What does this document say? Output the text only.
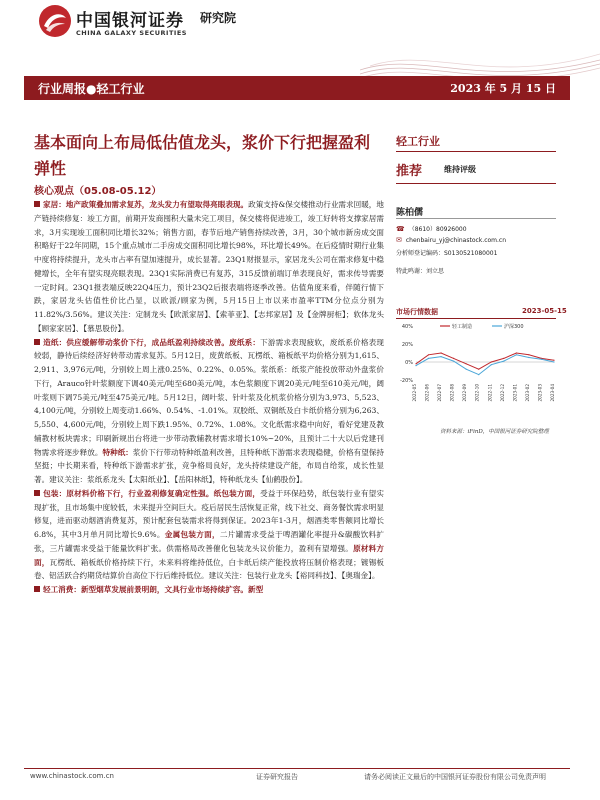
中国银河证券
CHINA GALAXY SECURITIES
研究院
行业周报●轻工行业	2023 年 5 月 15 日
基本面向上布局低估值龙头，浆价下行把握盈利弹性
核心观点（05.08-05.12）

家居：地产政策叠加需求复苏，龙头发力有望取得亮眼表现。政策支持&保交楼推动行业需求回暖，地产链持续修复：竣工方面，前期开发商囤积大量未完工项目，保交楼将促进竣工，竣工好转将支撑家居需求，3月实现竣工面积同比增长32%；销售方面，春节后地产销售持续改善，3月，30个城市新房成交面积略好于22年同期，15个重点城市二手房成交面积同比增长98%，环比增长49%。在后疫情时期行业集中度将持续提升，龙头市占率有望加速提升，成长显著。23Q1财报显示，家居龙头公司在需求修复中稳健增长，全年有望实现亮眼表现。23Q1实际消费已有复苏，315反馈前端订单表现良好，需求传导需要一定时间。23Q1报表端反映22Q4压力，预计23Q2后报表端将逐季改善。估值角度来看，伴随行情下跌，家居龙头估值性价比凸显，以欧派/顾家为例，5月15日上市以来市盈率TTM分位点分别为11.82%/3.56%。建议关注：定制龙头【欧派家居】、【索菲亚】、【志邦家居】及【金牌厨柜】；软体龙头【顾家家居】、【慕思股份】。

造纸：供应缓解带动浆价下行，成品纸盈利持续改善。废纸系：下游需求表现疲软，废纸系价格表现较弱，静待后续经济好转带动需求复苏。5月12日，废黄纸板、瓦楞纸、箱板纸平均价格分别为1,615、2,911、3,976元/吨，分别较上周上涨0.25%、0.22%、0.05%。浆纸系：纸浆产能投放带动外盘浆价下行，Arauco针叶浆额度下调40美元/吨至680美元/吨，本色浆额度下调20美元/吨至610美元/吨，阔叶浆则下调75美元/吨至475美元/吨。5月12日，阔叶浆、针叶浆及化机浆价格分别为3,973、5,523、4,100元/吨，分别较上周变动1.66%、0.54%、-1.01%。双胶纸、双铜纸及白卡纸价格分别为6,263、5,550、4,600元/吨，分别较上周下跌1.95%、0.72%、1.08%。文化纸需求稳中向好，看好党建及教辅教材板块需求；印刷新规出台将进一步带动教辅教材需求增长10%~20%，且预计二十大以后党建刊物需求将逐步释放。特种纸：浆价下行带动特种纸盈利改善，且特种纸下游需求表现稳健，价格有望保持坚挺；中长期来看，特种纸下游需求扩张，竞争格局良好，龙头持续建设产能，布局自给浆，成长性显著。建议关注：浆纸系龙头【太阳纸业】、【岳阳林纸】，特种纸龙头【仙鹤股份】。

包装：原材料价格下行，行业盈利修复确定性强。纸包装方面，受益于环保趋势，纸包装行业有望实现扩张，且市场集中度较低，未来提升空间巨大。疫后居民生活恢复正常，线下社交、商务餐饮需求明显修复，进而驱动烟酒消费复苏，预计配套包装需求将得到保证。2023年1-3月，烟酒类零售额同比增长6.8%，其中3月单月同比增长9.6%。金属包装方面，二片罐需求受益于啤酒罐化率提升&碳酸饮料扩张，三片罐需求受益于能量饮料扩张。供需格局改善催化包装龙头议价能力，盈利有望增强。原材料方面，瓦楞纸、箱板纸价格持续下行，未来料将维持低位，白卡纸后续产能投放将压制价格表现；镀锡板卷、铝活跃合约期货结算价自高位下行后维持低位。建议关注：包装行业龙头【裕同科技】、【奥瑞金】。

轻工消费：新型烟草发展前景明朗，文具行业市场持续扩容。新型

轻工行业
推荐	维持评级
陈柏儒
☎ （8610）80926000
✉ chenbairu_yj@chinastock.com.cn
分析师登记编码：S0130521080001
特此鸣谢：刘立思
市场行情数据	2023-05-15
40%
20%
0%
-20%
2022-05 2022-06 2022-07 2022-08 2022-09 2022-10 2022-11 2022-12 2023-01 2023-02 2023-03 2023-04
轻工制造	沪深300
资料来源：iFinD，中国银河证券研究院整理
www.chinastock.com.cn	证券研究报告	请务必阅读正文最后的中国银河证券股份有限公司免责声明
